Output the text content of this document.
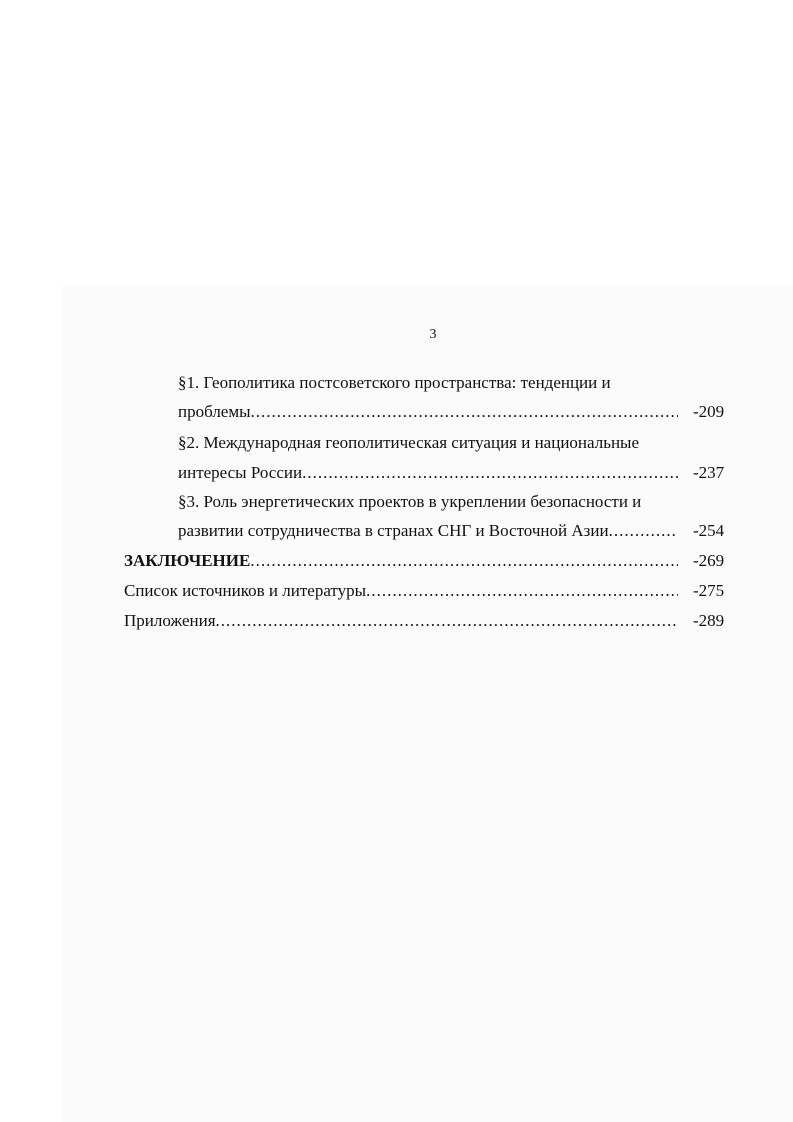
3
§1. Геополитика постсоветского пространства: тенденции и
проблемы .....	-209
§2. Международная геополитическая ситуация и национальные
интересы России .....	-237
§3. Роль энергетических проектов в укреплении безопасности и
развитии сотрудничества в странах СНГ и Восточной Азии .....	-254
ЗАКЛЮЧЕНИЕ .....	-269
Список источников и литературы .....	-275
Приложения .....	-289
